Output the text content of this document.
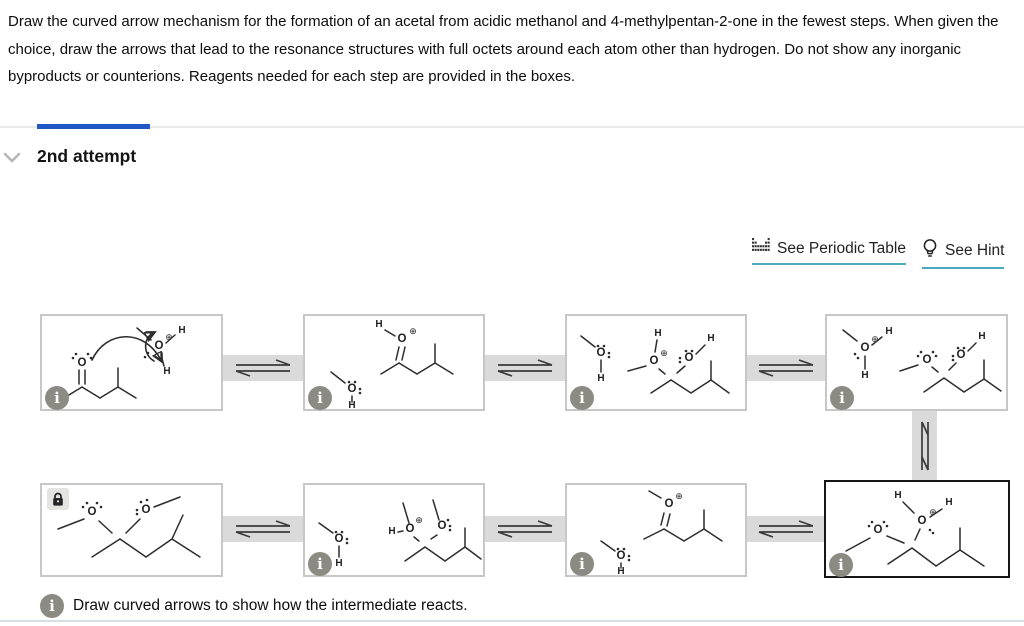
Draw the curved arrow mechanism for the formation of an acetal from acidic methanol and 4-methylpentan-2-one in the fewest steps. When given the choice, draw the arrows that lead to the resonance structures with full octets around each atom other than hydrogen. Do not show any inorganic byproducts or counterions. Reagents needed for each step are provided in the boxes.
2nd attempt
See Periodic Table	See Hint
O
O
⊕
H
H
i
H
O
⊕
O
H
i
O
H
H
O
⊕ O
H
i
O
⊕
H
H
O O
H
i
O	O
O
H
H O
⊕ O
i
O
⊕
O
H
i
H
O
⊕
H
O
i
i Draw curved arrows to show how the intermediate reacts.
